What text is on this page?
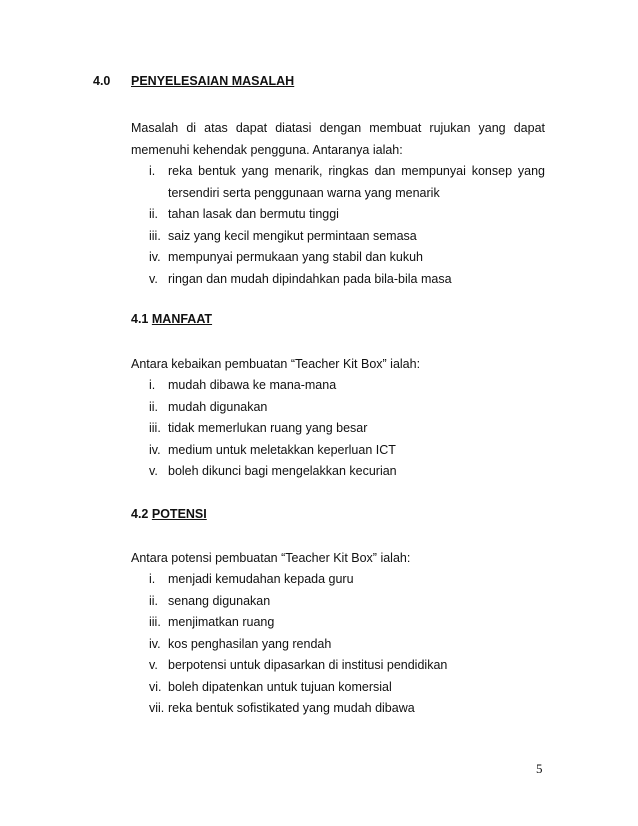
4.0 PENYELESAIAN MASALAH

Masalah di atas dapat diatasi dengan membuat rujukan yang dapat memenuhi kehendak pengguna. Antaranya ialah:

i.	reka bentuk yang menarik, ringkas dan mempunyai konsep yang tersendiri serta penggunaan warna yang menarik
ii. tahan lasak dan bermutu tinggi
iii. saiz yang kecil mengikut permintaan semasa
iv. mempunyai permukaan yang stabil dan kukuh
v. ringan dan mudah dipindahkan pada bila-bila masa
4.1 MANFAAT

Antara kebaikan pembuatan “Teacher Kit Box” ialah:

i.	mudah dibawa ke mana-mana
ii. mudah digunakan
iii. tidak memerlukan ruang yang besar
iv. medium untuk meletakkan keperluan ICT
v. boleh dikunci bagi mengelakkan kecurian
4.2 POTENSI

Antara potensi pembuatan “Teacher Kit Box” ialah:

i.	menjadi kemudahan kepada guru
ii. senang digunakan
iii. menjimatkan ruang
iv. kos penghasilan yang rendah
v. berpotensi untuk dipasarkan di institusi pendidikan
vi. boleh dipatenkan untuk tujuan komersial
vii. reka bentuk sofistikated yang mudah dibawa
5
